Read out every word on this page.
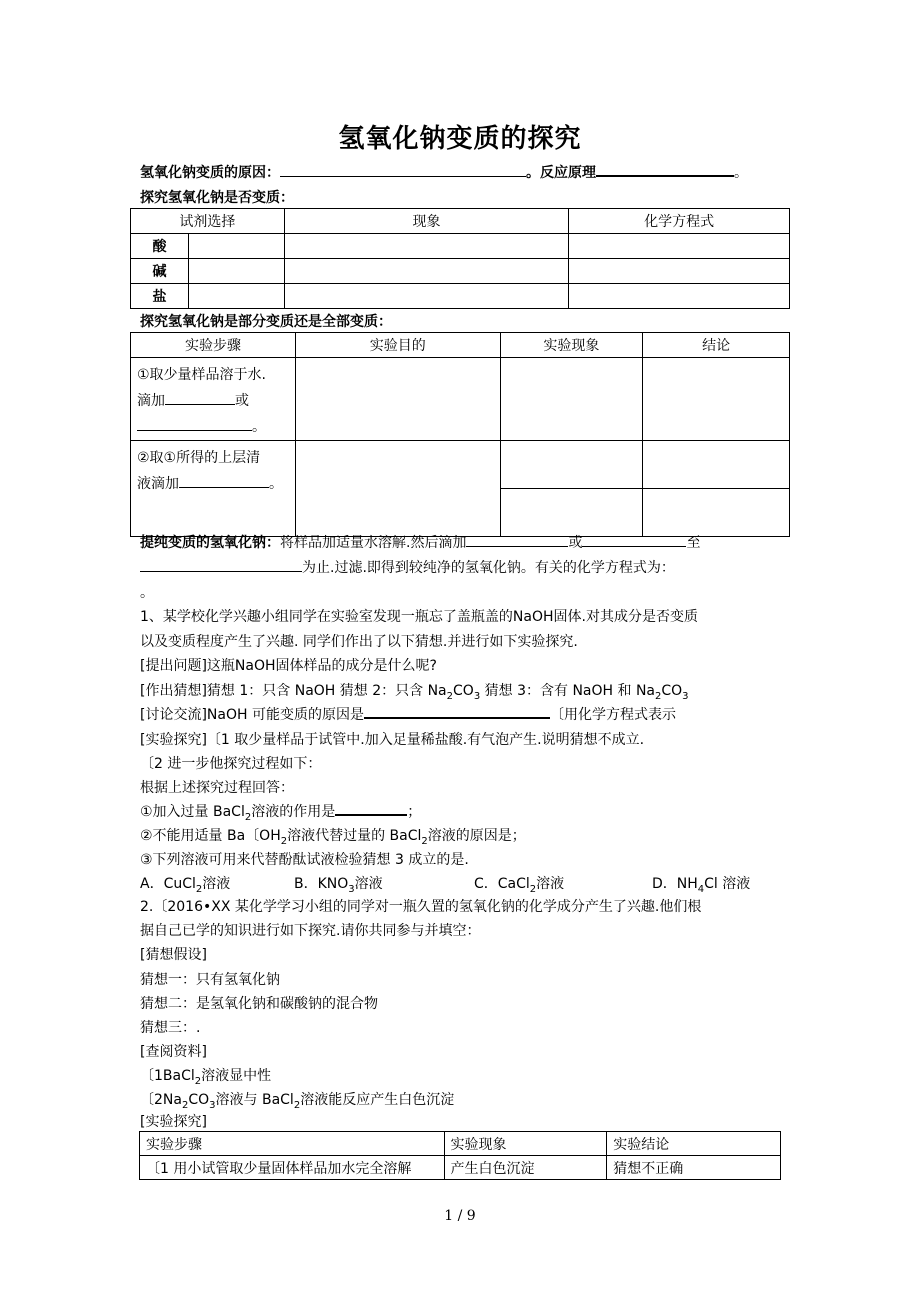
氢氧化钠变质的探究
氢氧化钠变质的原因：	。反应原理	。
探究氢氧化钠是否变质：
试剂选择		现象	化学方程式
酸			
碱			
盐			
探究氢氧化钠是部分变质还是全部变质：
实验步骤	实验目的	实验现象	结论

①取少量样品溶于水.
滴加 或
。			

②取①所得的上层清
液滴加 。			

提纯变质的氢氧化钠：将样品加适量水溶解.然后滴加	或	至
为止.过滤.即得到较纯净的氢氧化钠。有关的化学方程式为：
。
1、某学校化学兴趣小组同学在实验室发现一瓶忘了盖瓶盖的NaOH固体.对其成分是否变质
以及变质程度产生了兴趣. 同学们作出了以下猜想.并进行如下实验探究.
[提出问题]这瓶NaOH固体样品的成分是什么呢?
[作出猜想]猜想 1：只含 NaOH 猜想 2：只含 $Na_2CO_3$ 猜想 3：含有 NaOH 和 $Na_2CO_3$
[讨论交流]NaOH 可能变质的原因是	〔用化学方程式表示
[实验探究]〔1 取少量样品于试管中.加入足量稀盐酸.有气泡产生.说明猜想不成立.
〔2 进一步他探究过程如下：
根据上述探究过程回答：
①加入过量 BaCl$_2$溶液的作用是	；
②不能用适量 Ba〔$OH_2$溶液代替过量的 BaCl$_2$溶液的原因是；
③下列溶液可用来代替酚酞试液检验猜想 3 成立的是.
A．CuCl$_2$溶液	B．$KNO_3$溶液	C．CaCl$_2$溶液	D．$NH_4Cl$ 溶液
2.〔2016•XX 某化学学习小组的同学对一瓶久置的氢氧化钠的化学成分产生了兴趣.他们根
据自己已学的知识进行如下探究.请你共同参与并填空：
[猜想假设]
猜想一：只有氢氧化钠
猜想二：是氢氧化钠和碳酸钠的混合物
猜想三：.
[查阅资料]
〔1BaCl$_2$溶液显中性
〔$2Na_2CO_3$溶液与 BaCl$_2$溶液能反应产生白色沉淀
[实验探究]
实验步骤	实验现象	实验结论
〔1 用小试管取少量固体样品加水完全溶解	产生白色沉淀	猜想不正确
1 / 9
